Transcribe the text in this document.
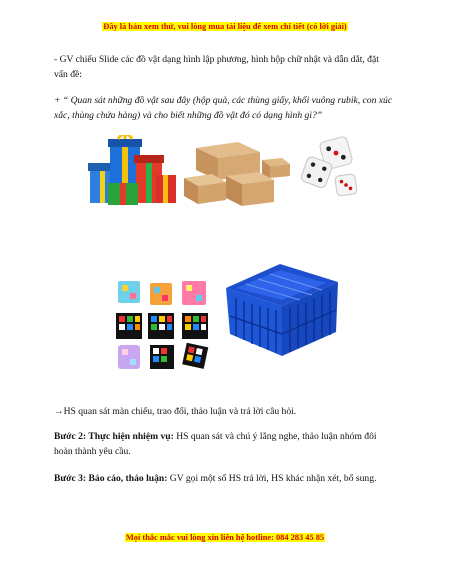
Đây là bản xem thử, vui lòng mua tài liệu để xem chi tiết (có lời giải)
- GV chiếu Slide các đồ vật dạng hình lập phương, hình hộp chữ nhật và dẫn dắt, đặt vấn đề:
+ “ Quan sát những đồ vật sau đây (hộp quà, các thùng giấy, khối vuông rubik, con xúc xắc, thùng chứa hàng) và cho biết những đồ vật đó có dạng hình gì?”
→HS quan sát màn chiếu, trao đổi, thảo luận và trả lời câu hỏi.
Bước 2: Thực hiện nhiệm vụ: HS quan sát và chú ý lắng nghe, thảo luận nhóm đôi hoàn thành yêu cầu.
Bước 3: Báo cáo, thảo luận: GV gọi một số HS trả lời, HS khác nhận xét, bổ sung.
Mọi thắc mắc vui lòng xin liên hệ hotline: 084 283 45 85
